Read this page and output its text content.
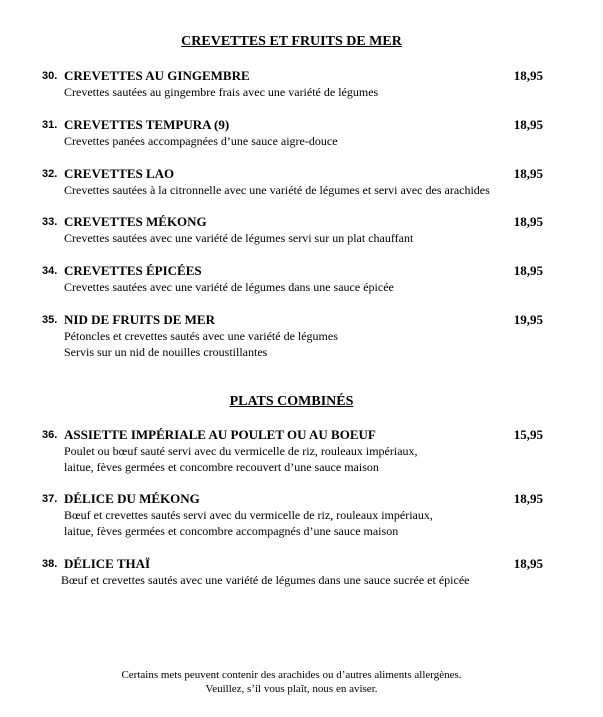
CREVETTES ET FRUITS DE MER
30. CREVETTES AU GINGEMBRE	18,95
Crevettes sautées au gingembre frais avec une variété de légumes
31. CREVETTES TEMPURA (9)	18,95
Crevettes panées accompagnées d’une sauce aigre-douce
32. CREVETTES LAO	18,95
Crevettes sautées à la citronnelle avec une variété de légumes et servi avec des arachides
33. CREVETTES MÉKONG	18,95
Crevettes sautées avec une variété de légumes servi sur un plat chauffant
34. CREVETTES ÉPICÉES	18,95
Crevettes sautées avec une variété de légumes dans une sauce épicée
35. NID DE FRUITS DE MER	19,95
Pétoncles et crevettes sautés avec une variété de légumes
Servis sur un nid de nouilles croustillantes
PLATS COMBINÉS
36. ASSIETTE IMPÉRIALE AU POULET OU AU BOEUF	15,95
Poulet ou bœuf sauté servi avec du vermicelle de riz, rouleaux impériaux,
laitue, fèves germées et concombre recouvert d’une sauce maison
37. DÉLICE DU MÉKONG	18,95
Bœuf et crevettes sautés servi avec du vermicelle de riz, rouleaux impériaux,
laitue, fèves germées et concombre accompagnés d’une sauce maison
38. DÉLICE THAÏ	18,95
Bœuf et crevettes sautés avec une variété de légumes dans une sauce sucrée et épicée
Certains mets peuvent contenir des arachides ou d’autres aliments allergènes.
Veuillez, s’il vous plaît, nous en aviser.
